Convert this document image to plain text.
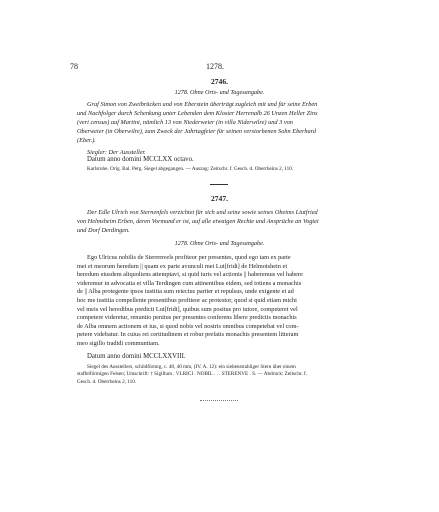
78	1278.
2746.
1278. Ohne Orts- und Tagesangabe.
Graf Simon von Zweibrücken und von Eberstein überträgt zugleich mit und für seine Erben
und Nachfolger durch Schenkung unter Lebenden dem Kloster Herrenalb 26 Unzen Heller Zins
(veri census) auf Martini, nämlich 13 von Niederweier (in villa Niderwilre) und 3 von
Oberweier (in Oberwilre), zum Zweck der Jahrtagfeier für seinen verstorbenen Sohn Eberhard
(Eber.).
Siegler: Der Aussteller.
Datum anno domini MCCLXX octavo.
Karlsruhe. Orig. Bal. Perg. Siegel abgegangen. — Auszug: Zeitschr. f. Gesch. d. Oberrheins 2, 110.
2747.
Der Edle Ulrich von Sternenfels verzichtet für sich und seine sowie seines Oheims Liutfried
von Helmsheim Erben, deren Vormund er ist, auf alle etwaigen Rechte und Ansprüche an Vogtei
und Dorf Derdingen.
1278. Ohne Orts- und Tagesangabe.
Ego Ulricus nobilis de Sterrenvels profiteor per presentes, quod ego tam ex parte
mei et meorum heredum || quam ex parte avunculi mei Lut[fridi] de Helmotshein et
heredum eiusdem aliquoliens attemptavi, si quid iuris vel actionis || haberemus vel habere
videremur in advocatia et villa Terdingen cum attinentibus eidem, sed totiens a monachis
de || Alba protegente ipsos iustitia sum reiectus pariter et repulsus, unde exigente et ad
hoc me iustitia compellente presentibus profiteor ac protestor, quod si quid etiam michi
vel meis vel heredibus predicti Lut[fridi], quibus sum positus pro tutore, competeret vel
competere videretur, renuntio penitus per presentes conferens libere predictis monachis
de Alba omnem actionem et ius, si quod nobis vel nostris omnibus competebat vel com-
petere videbatur. In cuius rei certitudinem et robur prefatis monachis presentem litteram
meo sigillo tradidi communitam.
Datum anno domini MCCLXXVIII.
Siegel des Ausstellers, schildförmig, c. 48, 40 mm, (IV. A. 12): ein siebenstrahliger Stern über einem
staffelförmigen Felsen; Umschrift: † Sigillum . VLRICI . NOBIL . . . STERENVE . S. — Abdruck: Zeitschr. f.
Gesch. d. Oberrheins 2, 110.
